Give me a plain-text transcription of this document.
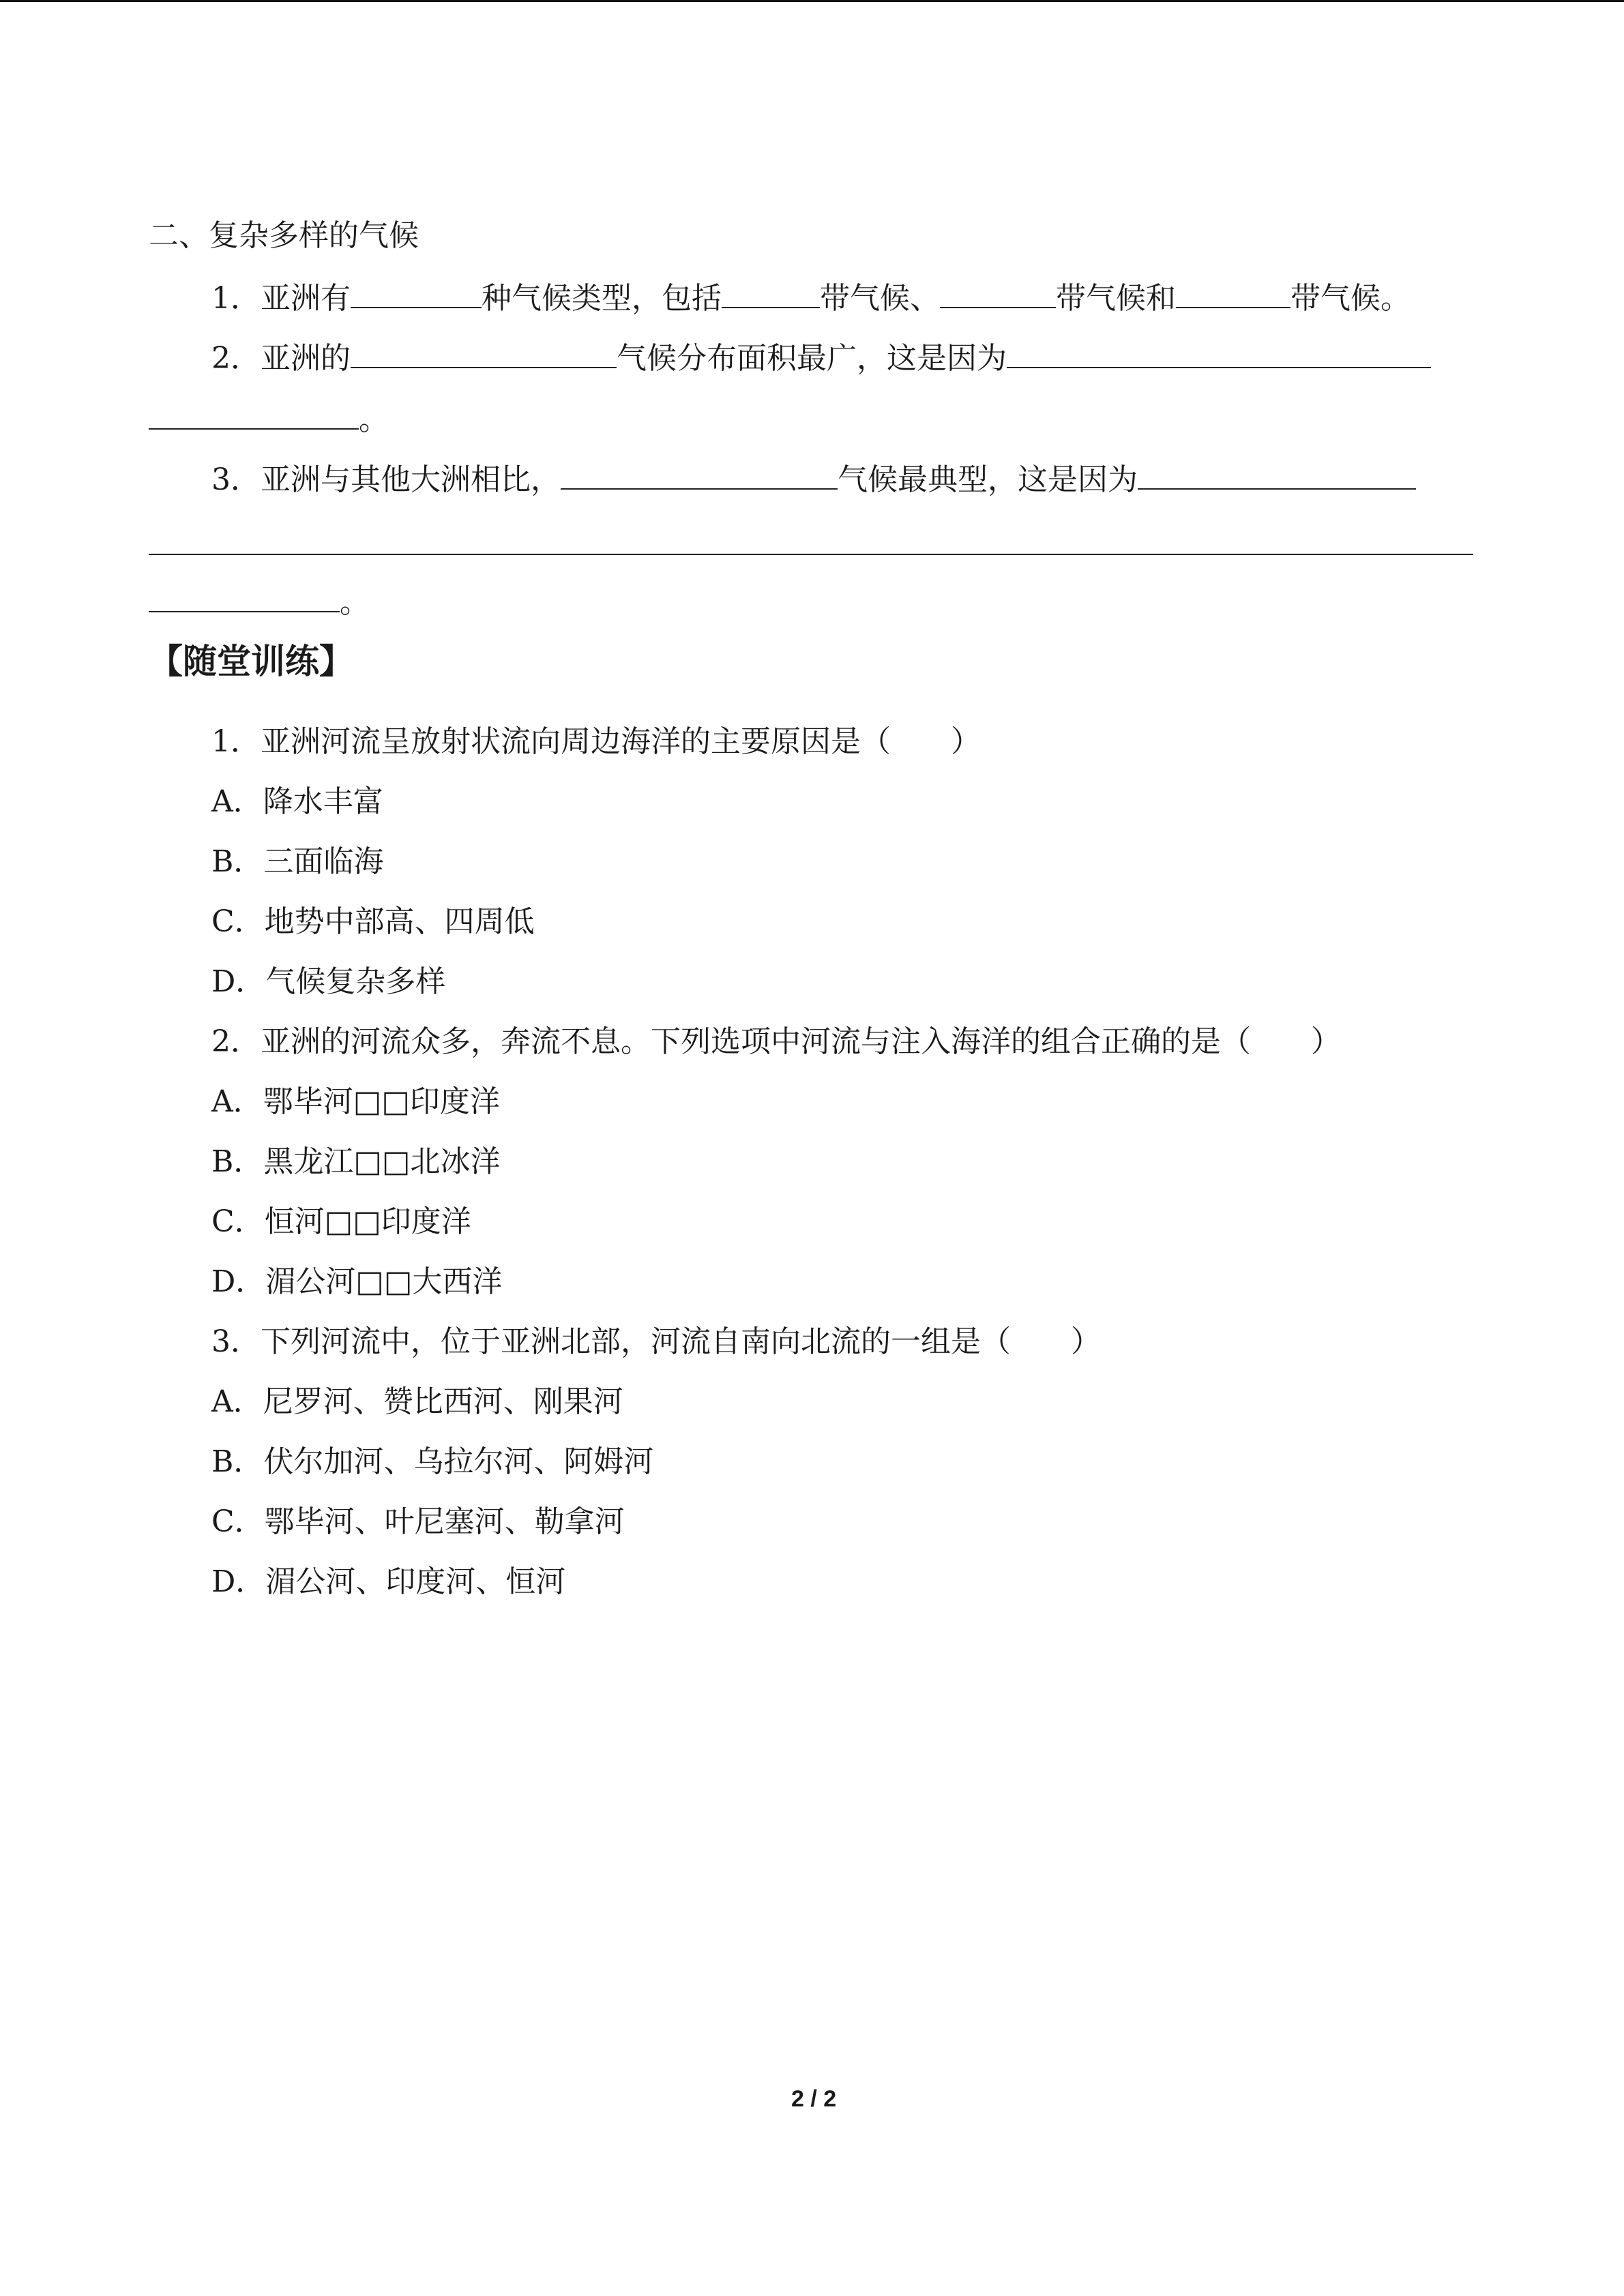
二、复杂多样的气候
1．亚洲有	种气候类型，包括	带气候、	带气候和	带气候。
2．亚洲的	气候分布面积最广，这是因为
。
3．亚洲与其他大洲相比，	气候最典型，这是因为
。
【随堂训练】
1．亚洲河流呈放射状流向周边海洋的主要原因是（　　）
A．降水丰富
B．三面临海
C．地势中部高、四周低
D．气候复杂多样
2．亚洲的河流众多，奔流不息。下列选项中河流与注入海洋的组合正确的是（　　）
A．鄂毕河□□印度洋
B．黑龙江□□北冰洋
C．恒河□□印度洋
D．湄公河□□大西洋
3．下列河流中，位于亚洲北部，河流自南向北流的一组是（　　）
A．尼罗河、赞比西河、刚果河
B．伏尔加河、乌拉尔河、阿姆河
C．鄂毕河、叶尼塞河、勒拿河
D．湄公河、印度河、恒河
2 / 2
